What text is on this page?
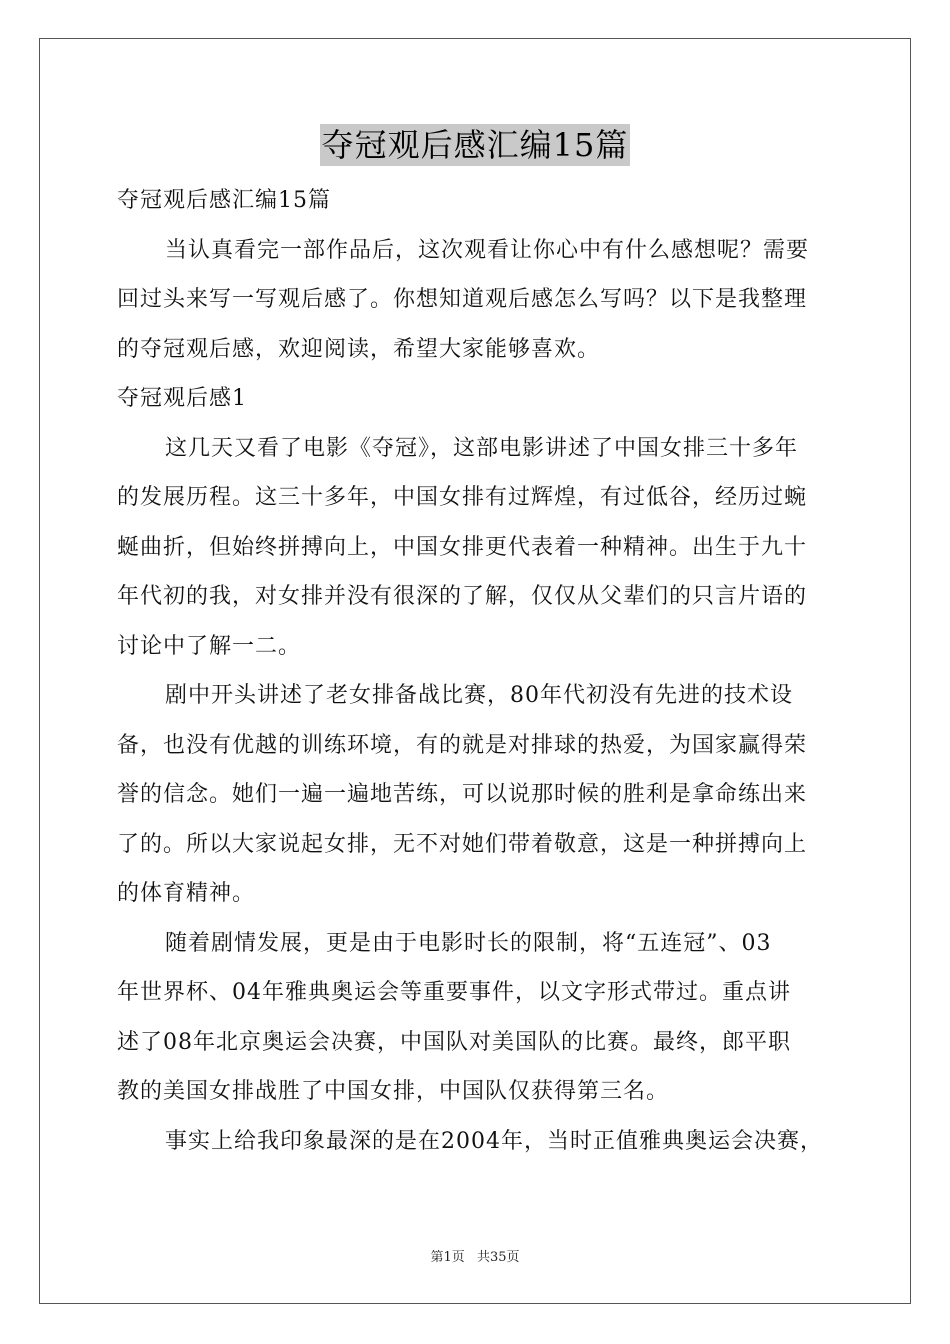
夺冠观后感汇编15篇

夺冠观后感汇编15篇

当认真看完一部作品后，这次观看让你心中有什么感想呢？需要

回过头来写一写观后感了。你想知道观后感怎么写吗？以下是我整理

的夺冠观后感，欢迎阅读，希望大家能够喜欢。

夺冠观后感1

这几天又看了电影《夺冠》，这部电影讲述了中国女排三十多年

的发展历程。这三十多年，中国女排有过辉煌，有过低谷，经历过蜿

蜒曲折，但始终拼搏向上，中国女排更代表着一种精神。出生于九十

年代初的我，对女排并没有很深的了解，仅仅从父辈们的只言片语的

讨论中了解一二。

剧中开头讲述了老女排备战比赛，80年代初没有先进的技术设

备，也没有优越的训练环境，有的就是对排球的热爱，为国家赢得荣

誉的信念。她们一遍一遍地苦练，可以说那时候的胜利是拿命练出来

了的。所以大家说起女排，无不对她们带着敬意，这是一种拼搏向上

的体育精神。

随着剧情发展，更是由于电影时长的限制，将“五连冠”、03

年世界杯、04年雅典奥运会等重要事件，以文字形式带过。重点讲

述了08年北京奥运会决赛，中国队对美国队的比赛。最终，郎平职

教的美国女排战胜了中国女排，中国队仅获得第三名。

事实上给我印象最深的是在2004年，当时正值雅典奥运会决赛，

第1页 共35页
